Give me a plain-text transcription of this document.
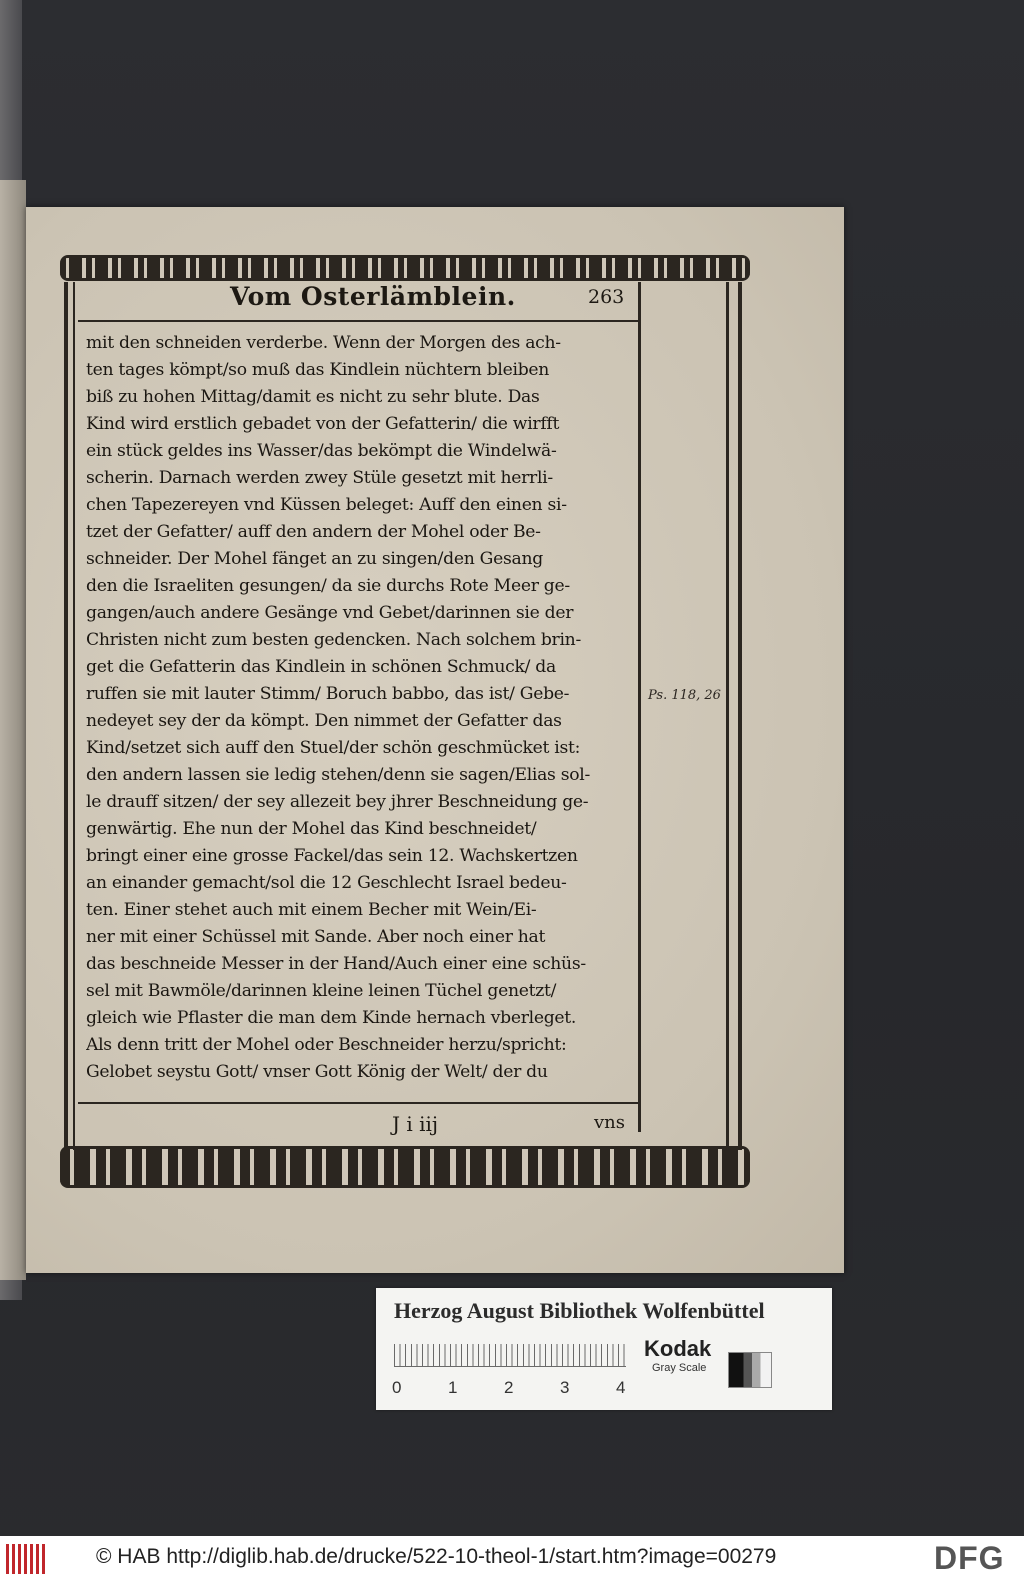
Vom Osterlämblein.	263
mit den schneiden verderbe. Wenn der Morgen des ach-
ten tages kömpt/so muß das Kindlein nüchtern bleiben
biß zu hohen Mittag/damit es nicht zu sehr blute. Das
Kind wird erstlich gebadet von der Gefatterin/ die wirfft
ein stück geldes ins Wasser/das bekömpt die Windelwä-
scherin. Darnach werden zwey Stüle gesetzt mit herrli-
chen Tapezereyen vnd Küssen beleget: Auff den einen si-
tzet der Gefatter/ auff den andern der Mohel oder Be-
schneider. Der Mohel fänget an zu singen/den Gesang
den die Israeliten gesungen/ da sie durchs Rote Meer ge-
gangen/auch andere Gesänge vnd Gebet/darinnen sie der
Christen nicht zum besten gedencken. Nach solchem brin-
get die Gefatterin das Kindlein in schönen Schmuck/ da
ruffen sie mit lauter Stimm/ Boruch babbo, das ist/ Gebe-
nedeyet sey der da kömpt. Den nimmet der Gefatter das
Kind/setzet sich auff den Stuel/der schön geschmücket ist:
den andern lassen sie ledig stehen/denn sie sagen/Elias sol-
le drauff sitzen/ der sey allezeit bey jhrer Beschneidung ge-
genwärtig. Ehe nun der Mohel das Kind beschneidet/
bringt einer eine grosse Fackel/das sein 12. Wachskertzen
an einander gemacht/sol die 12 Geschlecht Israel bedeu-
ten. Einer stehet auch mit einem Becher mit Wein/Ei-
ner mit einer Schüssel mit Sande. Aber noch einer hat
das beschneide Messer in der Hand/Auch einer eine schüs-
sel mit Bawmöle/darinnen kleine leinen Tüchel genetzt/
gleich wie Pflaster die man dem Kinde hernach vberleget.
Als denn tritt der Mohel oder Beschneider herzu/spricht:
Gelobet seystu Gott/ vnser Gott König der Welt/ der du
Ps. 118, 26
J i iij	vns
Herzog August Bibliothek Wolfenbüttel
0	1	2	3	4
Kodak
Gray Scale
© HAB http://diglib.hab.de/drucke/522-10-theol-1/start.htm?image=00279	DFG
